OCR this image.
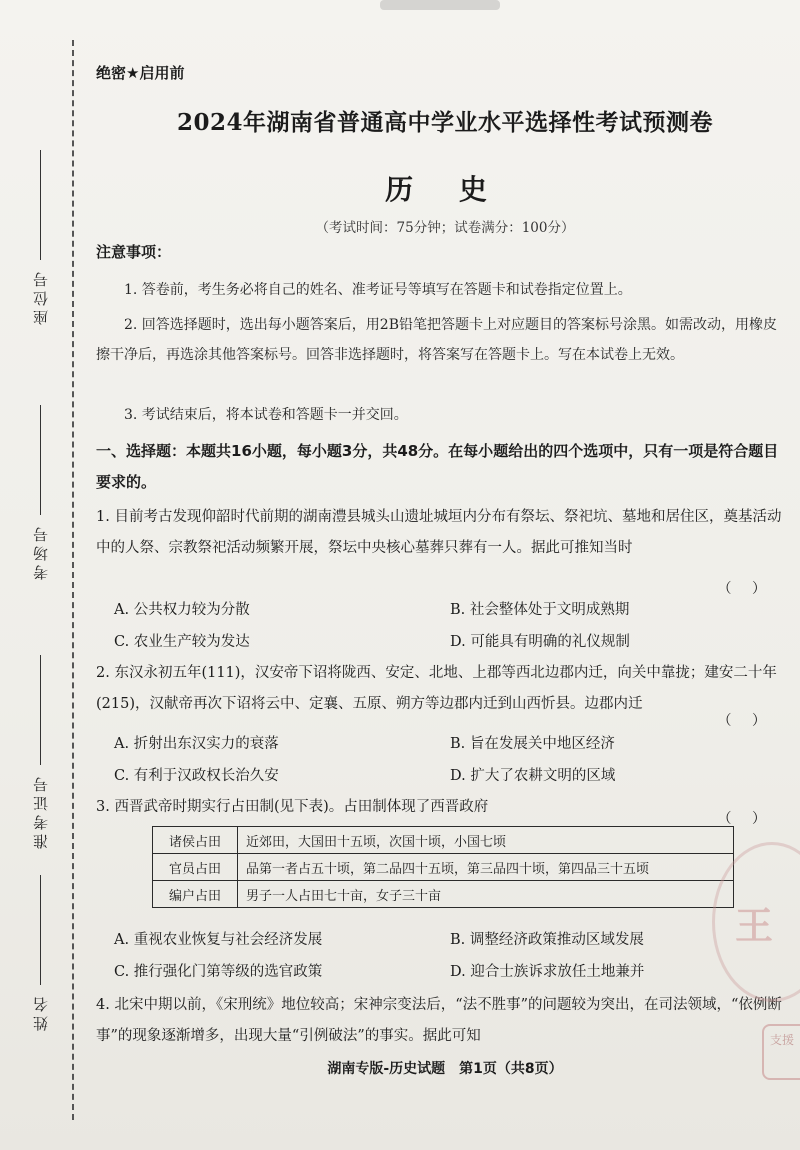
座位号
考场号
准考证号
姓名
绝密★启用前
2024年湖南省普通高中学业水平选择性考试预测卷
历 史
（考试时间：75分钟；试卷满分：100分）
注意事项：
1. 答卷前，考生务必将自己的姓名、准考证号等填写在答题卡和试卷指定位置上。
2. 回答选择题时，选出每小题答案后，用2B铅笔把答题卡上对应题目的答案标号涂黑。如需改动，用橡皮擦干净后，再选涂其他答案标号。回答非选择题时，将答案写在答题卡上。写在本试卷上无效。
3. 考试结束后，将本试卷和答题卡一并交回。
一、选择题：本题共16小题，每小题3分，共48分。在每小题给出的四个选项中，只有一项是符合题目要求的。
1. 目前考古发现仰韶时代前期的湖南澧县城头山遗址城垣内分布有祭坛、祭祀坑、墓地和居住区，奠基活动中的人祭、宗教祭祀活动频繁开展，祭坛中央核心墓葬只葬有一人。据此可推知当时
（ ）
A. 公共权力较为分散	B. 社会整体处于文明成熟期
C. 农业生产较为发达	D. 可能具有明确的礼仪规制
2. 东汉永初五年(111)，汉安帝下诏将陇西、安定、北地、上郡等西北边郡内迁，向关中靠拢；建安二十年(215)，汉献帝再次下诏将云中、定襄、五原、朔方等边郡内迁到山西忻县。边郡内迁
（ ）
A. 折射出东汉实力的衰落	B. 旨在发展关中地区经济
C. 有利于汉政权长治久安	D. 扩大了农耕文明的区域
3. 西晋武帝时期实行占田制(见下表)。占田制体现了西晋政府
（ ）
诸侯占田	近郊田，大国田十五顷，次国十顷，小国七顷
官员占田	品第一者占五十顷，第二品四十五顷，第三品四十顷，第四品三十五顷
编户占田	男子一人占田七十亩，女子三十亩
A. 重视农业恢复与社会经济发展	B. 调整经济政策推动区域发展
C. 推行强化门第等级的选官政策	D. 迎合士族诉求放任土地兼并
4. 北宋中期以前，《宋刑统》地位较高；宋神宗变法后，“法不胜事”的问题较为突出，在司法领域，“依例断事”的现象逐渐增多，出现大量“引例破法”的事实。据此可知
王
支援
湖南专版-历史试题　第1页（共8页）
